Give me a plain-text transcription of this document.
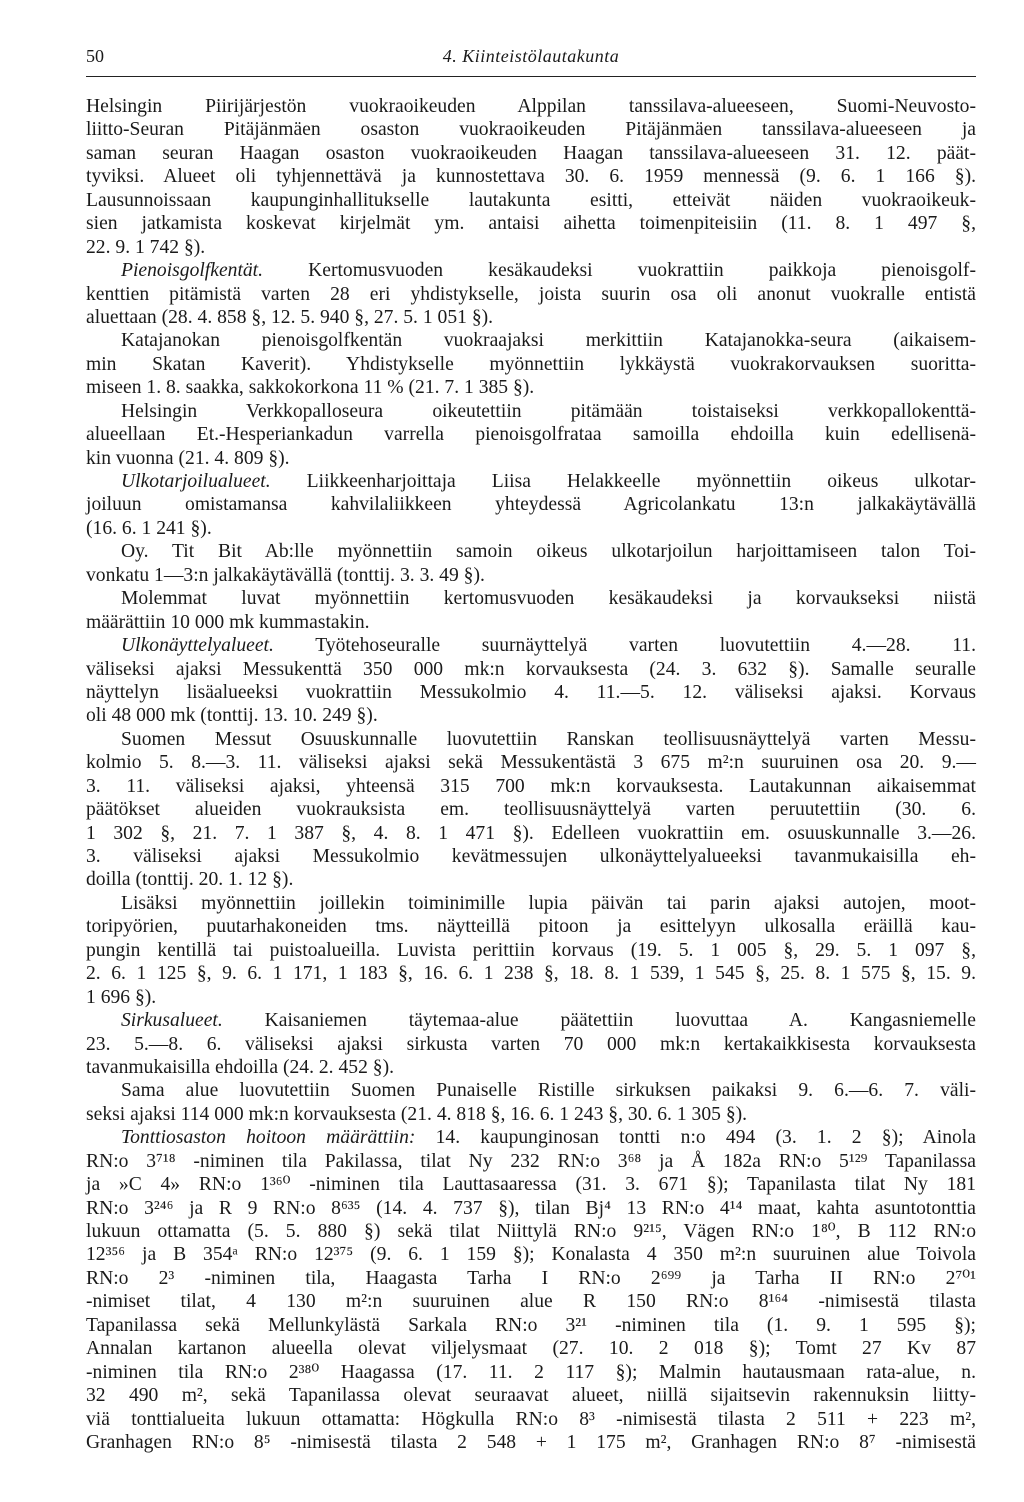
50	4. Kiinteistölautakunta
Helsingin Piirijärjestön vuokraoikeuden Alppilan tanssilava-alueeseen, Suomi-Neuvosto-
liitto-Seuran Pitäjänmäen osaston vuokraoikeuden Pitäjänmäen tanssilava-alueeseen ja
saman seuran Haagan osaston vuokraoikeuden Haagan tanssilava-alueeseen 31. 12. päät-
tyviksi. Alueet oli tyhjennettävä ja kunnostettava 30. 6. 1959 mennessä (9. 6. 1 166 §).
Lausunnoissaan kaupunginhallitukselle lautakunta esitti, etteivät näiden vuokraoikeuk-
sien jatkamista koskevat kirjelmät ym. antaisi aihetta toimenpiteisiin (11. 8. 1 497 §,
22. 9. 1 742 §).
Pienoisgolfkentät. Kertomusvuoden kesäkaudeksi vuokrattiin paikkoja pienoisgolf-
kenttien pitämistä varten 28 eri yhdistykselle, joista suurin osa oli anonut vuokralle entistä
aluettaan (28. 4. 858 §, 12. 5. 940 §, 27. 5. 1 051 §).
Katajanokan pienoisgolfkentän vuokraajaksi merkittiin Katajanokka-seura (aikaisem-
min Skatan Kaverit). Yhdistykselle myönnettiin lykkäystä vuokrakorvauksen suoritta-
miseen 1. 8. saakka, sakkokorkona 11 % (21. 7. 1 385 §).
Helsingin Verkkopalloseura oikeutettiin pitämään toistaiseksi verkkopallokenttä-
alueellaan Et.-Hesperiankadun varrella pienoisgolfrataa samoilla ehdoilla kuin edellisenä-
kin vuonna (21. 4. 809 §).
Ulkotarjoilualueet. Liikkeenharjoittaja Liisa Helakkeelle myönnettiin oikeus ulkotar-
joiluun omistamansa kahvilaliikkeen yhteydessä Agricolankatu 13:n jalkakäytävällä
(16. 6. 1 241 §).
Oy. Tit Bit Ab:lle myönnettiin samoin oikeus ulkotarjoilun harjoittamiseen talon Toi-
vonkatu 1—3:n jalkakäytävällä (tonttij. 3. 3. 49 §).
Molemmat luvat myönnettiin kertomusvuoden kesäkaudeksi ja korvaukseksi niistä
määrättiin 10 000 mk kummastakin.
Ulkonäyttelyalueet. Työtehoseuralle suurnäyttelyä varten luovutettiin 4.—28. 11.
väliseksi ajaksi Messukenttä 350 000 mk:n korvauksesta (24. 3. 632 §). Samalle seuralle
näyttelyn lisäalueeksi vuokrattiin Messukolmio 4. 11.—5. 12. väliseksi ajaksi. Korvaus
oli 48 000 mk (tonttij. 13. 10. 249 §).
Suomen Messut Osuuskunnalle luovutettiin Ranskan teollisuusnäyttelyä varten Messu-
kolmio 5. 8.—3. 11. väliseksi ajaksi sekä Messukentästä 3 675 m²:n suuruinen osa 20. 9.—
3. 11. väliseksi ajaksi, yhteensä 315 700 mk:n korvauksesta. Lautakunnan aikaisemmat
päätökset alueiden vuokrauksista em. teollisuusnäyttelyä varten peruutettiin (30. 6.
1 302 §, 21. 7. 1 387 §, 4. 8. 1 471 §). Edelleen vuokrattiin em. osuuskunnalle 3.—26.
3. väliseksi ajaksi Messukolmio kevätmessujen ulkonäyttelyalueeksi tavanmukaisilla eh-
doilla (tonttij. 20. 1. 12 §).
Lisäksi myönnettiin joillekin toiminimille lupia päivän tai parin ajaksi autojen, moot-
toripyörien, puutarhakoneiden tms. näytteillä pitoon ja esittelyyn ulkosalla eräillä kau-
pungin kentillä tai puistoalueilla. Luvista perittiin korvaus (19. 5. 1 005 §, 29. 5. 1 097 §,
2. 6. 1 125 §, 9. 6. 1 171, 1 183 §, 16. 6. 1 238 §, 18. 8. 1 539, 1 545 §, 25. 8. 1 575 §, 15. 9.
1 696 §).
Sirkusalueet. Kaisaniemen täytemaa-alue päätettiin luovuttaa A. Kangasniemelle
23. 5.—8. 6. väliseksi ajaksi sirkusta varten 70 000 mk:n kertakaikkisesta korvauksesta
tavanmukaisilla ehdoilla (24. 2. 452 §).
Sama alue luovutettiin Suomen Punaiselle Ristille sirkuksen paikaksi 9. 6.—6. 7. väli-
seksi ajaksi 114 000 mk:n korvauksesta (21. 4. 818 §, 16. 6. 1 243 §, 30. 6. 1 305 §).
Tonttiosaston hoitoon määrättiin: 14. kaupunginosan tontti n:o 494 (3. 1. 2 §); Ainola
RN:o 3⁷¹⁸ -niminen tila Pakilassa, tilat Ny 232 RN:o 3⁶⁸ ja Å 182a RN:o 5¹²⁹ Tapanilassa
ja »C 4» RN:o 1³⁶⁰ -niminen tila Lauttasaaressa (31. 3. 671 §); Tapanilasta tilat Ny 181
RN:o 3²⁴⁶ ja R 9 RN:o 8⁶³⁵ (14. 4. 737 §), tilan Bj⁴ 13 RN:o 4¹⁴ maat, kahta asuntotonttia
lukuun ottamatta (5. 5. 880 §) sekä tilat Niittylä RN:o 9²¹⁵, Vägen RN:o 1⁸⁰, B 112 RN:o
12³⁵⁶ ja B 354ᵃ RN:o 12³⁷⁵ (9. 6. 1 159 §); Konalasta 4 350 m²:n suuruinen alue Toivola
RN:o 2³ -niminen tila, Haagasta Tarha I RN:o 2⁶⁹⁹ ja Tarha II RN:o 2⁷⁰¹
-nimiset tilat, 4 130 m²:n suuruinen alue R 150 RN:o 8¹⁶⁴ -nimisestä tilasta
Tapanilassa sekä Mellunkylästä Sarkala RN:o 3²¹ -niminen tila (1. 9. 1 595 §);
Annalan kartanon alueella olevat viljelysmaat (27. 10. 2 018 §); Tomt 27 Kv 87
-niminen tila RN:o 2³⁸⁰ Haagassa (17. 11. 2 117 §); Malmin hautausmaan rata-alue, n.
32 490 m², sekä Tapanilassa olevat seuraavat alueet, niillä sijaitsevin rakennuksin liitty-
viä tonttialueita lukuun ottamatta: Högkulla RN:o 8³ -nimisestä tilasta 2 511 + 223 m²,
Granhagen RN:o 8⁵ -nimisestä tilasta 2 548 + 1 175 m², Granhagen RN:o 8⁷ -nimisestä
